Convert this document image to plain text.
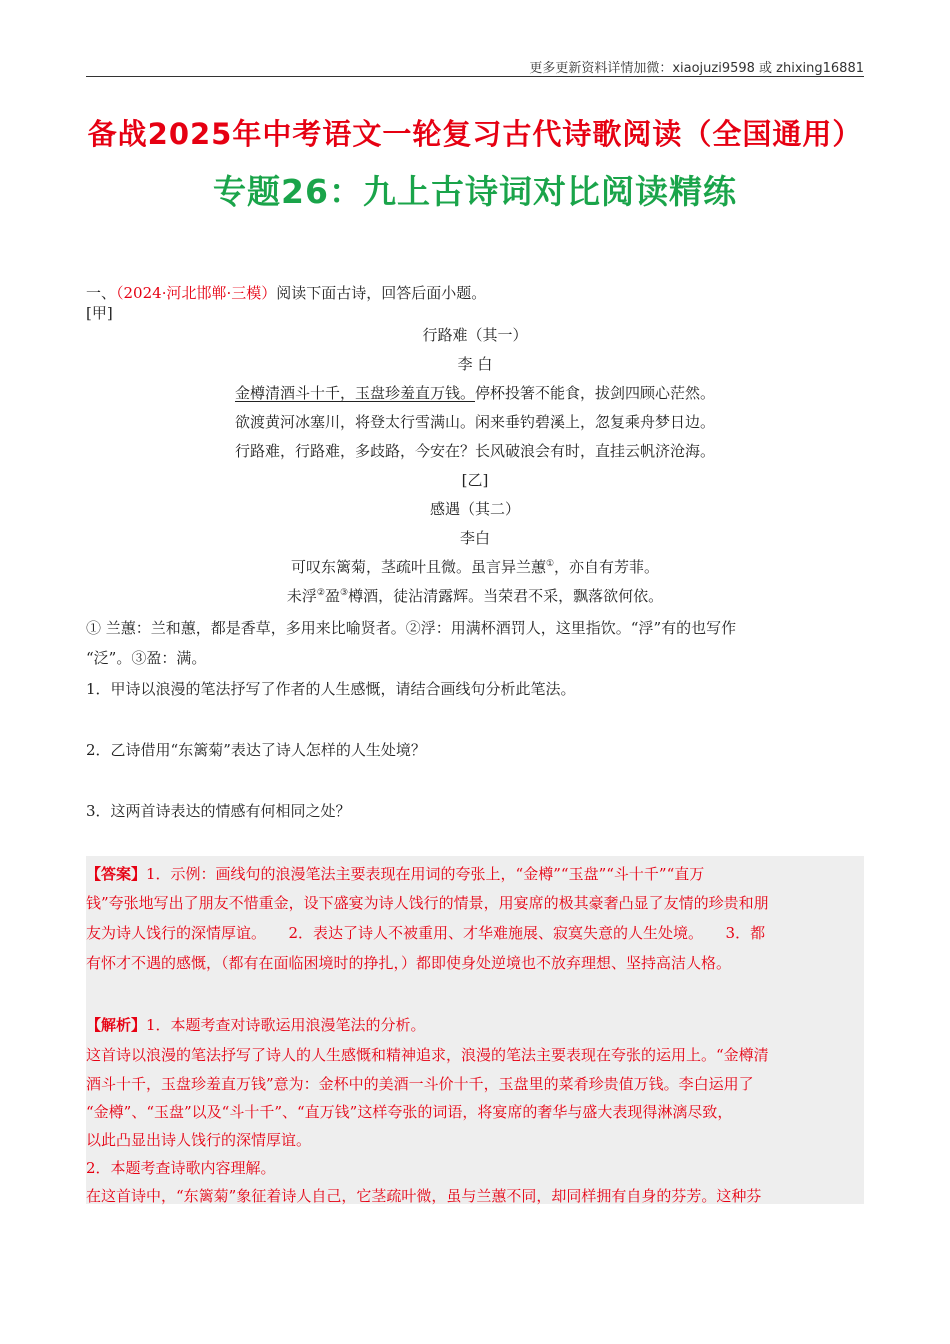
更多更新资料详情加微：xiaojuzi9598 或 zhixing16881
备战2025年中考语文一轮复习古代诗歌阅读（全国通用）
专题26：九上古诗词对比阅读精练
一、（2024·河北邯郸·三模）阅读下面古诗，回答后面小题。
[甲]
行路难（其一）
李 白
金樽清酒斗十千，玉盘珍羞直万钱。停杯投箸不能食，拔剑四顾心茫然。
欲渡黄河冰塞川，将登太行雪满山。闲来垂钓碧溪上，忽复乘舟梦日边。
行路难，行路难，多歧路，今安在？长风破浪会有时，直挂云帆济沧海。
[乙]
感遇（其二）
李白
可叹东篱菊，茎疏叶且微。虽言异兰蕙①，亦自有芳菲。
未浮②盈③樽酒，徒沾清露辉。当荣君不采，飘落欲何依。
① 兰蕙：兰和蕙，都是香草，多用来比喻贤者。②浮：用满杯酒罚人，这里指饮。“浮”有的也写作
“泛”。③盈：满。
1．甲诗以浪漫的笔法抒写了作者的人生感慨，请结合画线句分析此笔法。
2．乙诗借用“东篱菊”表达了诗人怎样的人生处境？
3．这两首诗表达的情感有何相同之处？
【答案】1．示例：画线句的浪漫笔法主要表现在用词的夸张上，“金樽”“玉盘”“斗十千”“直万
钱”夸张地写出了朋友不惜重金，设下盛宴为诗人饯行的情景，用宴席的极其豪奢凸显了友情的珍贵和朋
友为诗人饯行的深情厚谊。　　2．表达了诗人不被重用、才华难施展、寂寞失意的人生处境。　　3．都
有怀才不遇的感慨，（都有在面临困境时的挣扎，）都即使身处逆境也不放弃理想、坚持高洁人格。
【解析】1．本题考查对诗歌运用浪漫笔法的分析。
这首诗以浪漫的笔法抒写了诗人的人生感慨和精神追求，浪漫的笔法主要表现在夸张的运用上。“金樽清
酒斗十千，玉盘珍羞直万钱”意为：金杯中的美酒一斗价十千，玉盘里的菜肴珍贵值万钱。李白运用了
“金樽”、“玉盘”以及“斗十千”、“直万钱”这样夸张的词语，将宴席的奢华与盛大表现得淋漓尽致，
以此凸显出诗人饯行的深情厚谊。
2．本题考查诗歌内容理解。
在这首诗中，“东篱菊”象征着诗人自己，它茎疏叶微，虽与兰蕙不同，却同样拥有自身的芬芳。这种芬
